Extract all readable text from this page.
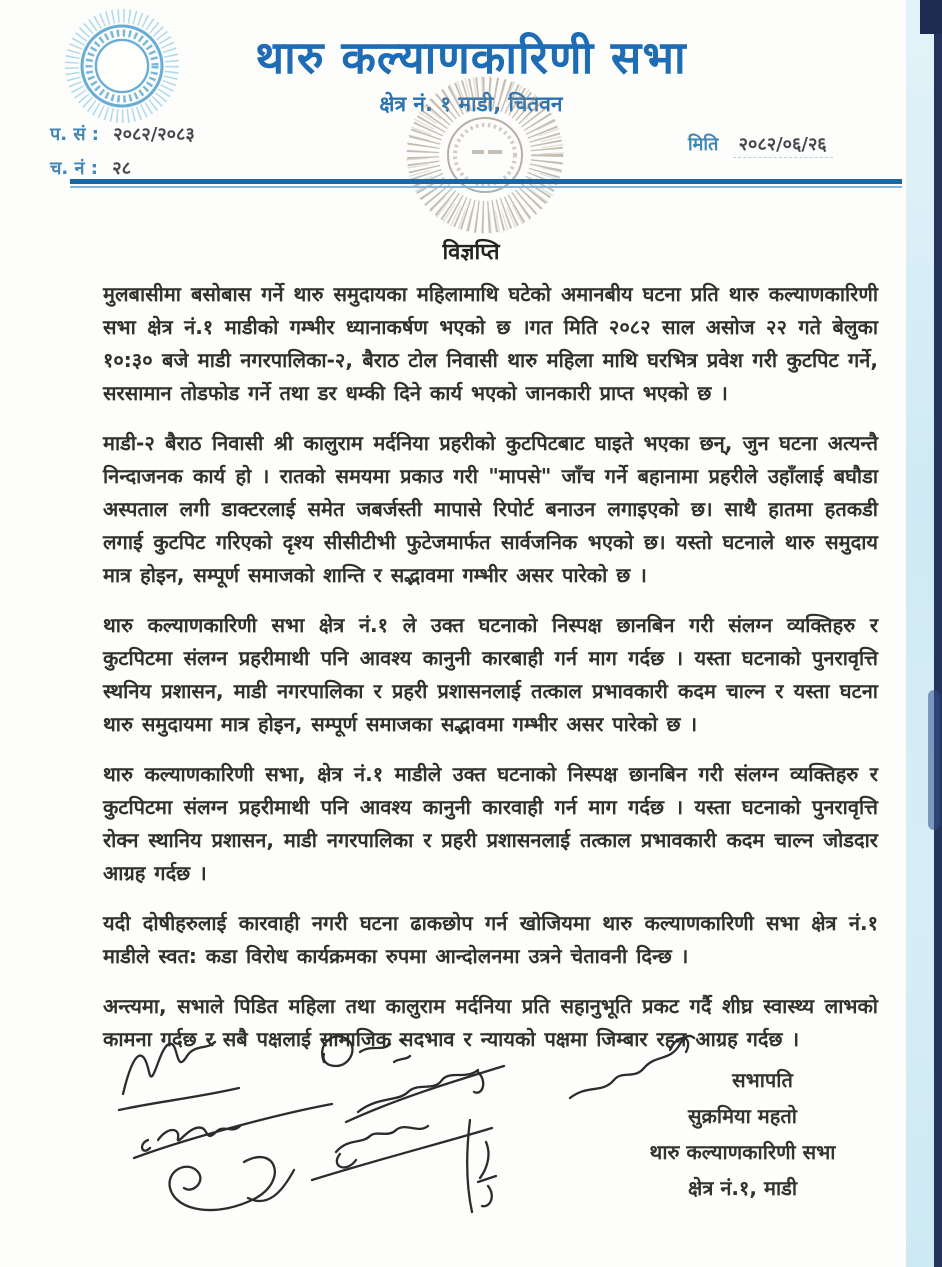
थारु कल्याणकारिणी सभा
क्षेत्र नं. १ माडी, चितवन
प. सं : २०८२/२०८३
च. नं : २८
मिति २०८२/०६/२६
विज्ञप्ति

मुलबासीमा बसोबास गर्ने थारु समुदायका महिलामाथि घटेको अमानबीय घटना प्रति थारु कल्याणकारिणी सभा क्षेत्र नं.१ माडीको गम्भीर ध्यानाकर्षण भएको छ ।गत मिति २०८२ साल असोज २२ गते बेलुका १०:३० बजे माडी नगरपालिका-२, बैराठ टोल निवासी थारु महिला माथि घरभित्र प्रवेश गरी कुटपिट गर्ने, सरसामान तोडफोड गर्ने तथा डर धम्की दिने कार्य भएको जानकारी प्राप्त भएको छ ।

माडी-२ बैराठ निवासी श्री कालुराम मर्दनिया प्रहरीको कुटपिटबाट घाइते भएका छन्, जुन घटना अत्यन्तै निन्दाजनक कार्य हो । रातको समयमा प्रकाउ गरी "मापसे" जाँच गर्ने बहानामा प्रहरीले उहाँलाई बघौडा अस्पताल लगी डाक्टरलाई समेत जबर्जस्ती मापासे रिपोर्ट बनाउन लगाइएको छ। साथै हातमा हतकडी लगाई कुटपिट गरिएको दृश्य सीसीटीभी फुटेजमार्फत सार्वजनिक भएको छ। यस्तो घटनाले थारु समुदाय मात्र होइन, सम्पूर्ण समाजको शान्ति र सद्भावमा गम्भीर असर पारेको छ ।

थारु कल्याणकारिणी सभा क्षेत्र नं.१ ले उक्त घटनाको निस्पक्ष छानबिन गरी संलग्न व्यक्तिहरु र कुटपिटमा संलग्न प्रहरीमाथी पनि आवश्य कानुनी कारबाही गर्न माग गर्दछ । यस्ता घटनाको पुनरावृत्ति स्थनिय प्रशासन, माडी नगरपालिका र प्रहरी प्रशासनलाई तत्काल प्रभावकारी कदम चाल्न र यस्ता घटना थारु समुदायमा मात्र होइन, सम्पूर्ण समाजका सद्भावमा गम्भीर असर पारेको छ ।

थारु कल्याणकारिणी सभा, क्षेत्र नं.१ माडीले उक्त घटनाको निस्पक्ष छानबिन गरी संलग्न व्यक्तिहरु र कुटपिटमा संलग्न प्रहरीमाथी पनि आवश्य कानुनी कारवाही गर्न माग गर्दछ । यस्ता घटनाको पुनरावृत्ति रोक्न स्थानिय प्रशासन, माडी नगरपालिका र प्रहरी प्रशासनलाई तत्काल प्रभावकारी कदम चाल्न जोडदार आग्रह गर्दछ ।

यदी दोषीहरुलाई कारवाही नगरी घटना ढाकछोप गर्न खोजियमा थारु कल्याणकारिणी सभा क्षेत्र नं.१ माडीले स्वत: कडा विरोध कार्यक्रमका रुपमा आन्दोलनमा उत्रने चेतावनी दिन्छ ।

अन्त्यमा, सभाले पिडित महिला तथा कालुराम मर्दनिया प्रति सहानुभूति प्रकट गर्दै शीघ्र स्वास्थ्य लाभको कामना गर्दछ र सबै पक्षलाई सामाजिक सदभाव र न्यायको पक्षमा जिम्बार रहन आग्रह गर्दछ ।

सभापति
सुक्रमिया महतो
थारु कल्याणकारिणी सभा
क्षेत्र नं.१, माडी
